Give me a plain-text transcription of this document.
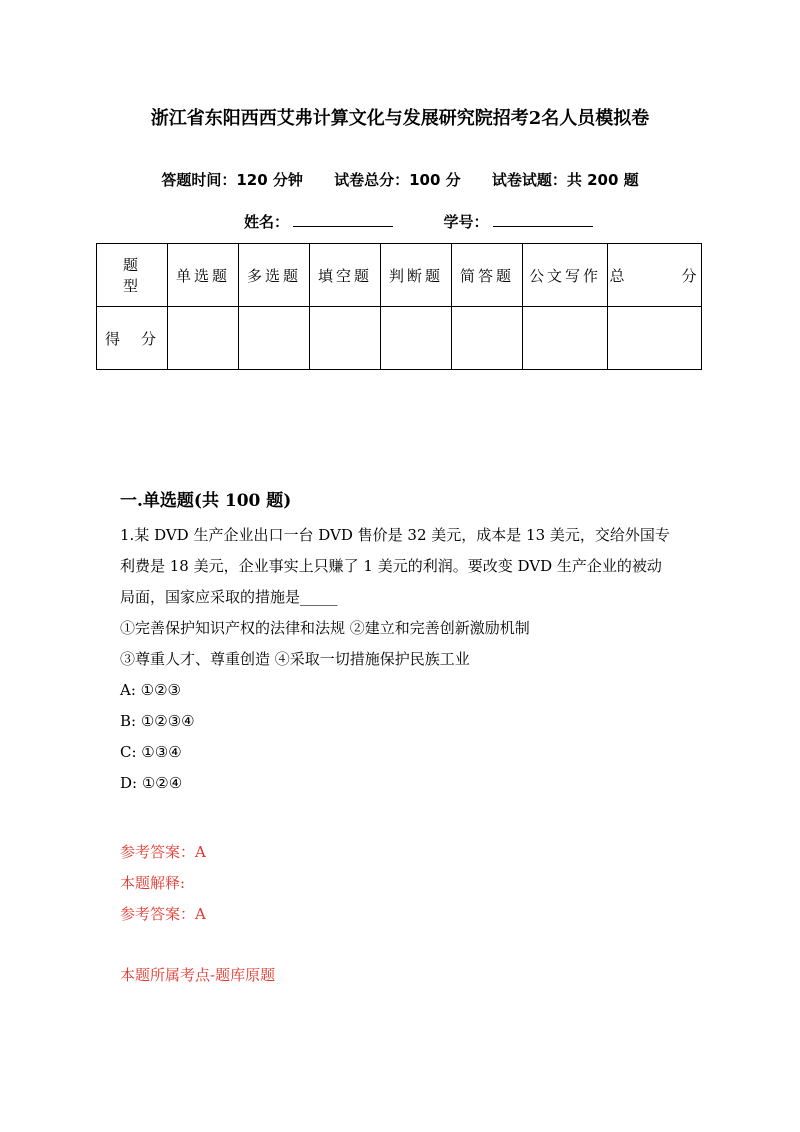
浙江省东阳西西艾弗计算文化与发展研究院招考2名人员模拟卷
答题时间：120 分钟 试卷总分：100 分 试卷试题：共 200 题
姓名：	学号：
题　　型	单选题	多选题	填空题	判断题	简答题	公文写作	总　　　分
得　分							
一.单选题(共 100 题)
1.某 DVD 生产企业出口一台 DVD 售价是 32 美元，成本是 13 美元，交给外国专
利费是 18 美元，企业事实上只赚了 1 美元的利润。要改变 DVD 生产企业的被动
局面，国家应采取的措施是_____
①完善保护知识产权的法律和法规 ②建立和完善创新激励机制
③尊重人才、尊重创造 ④采取一切措施保护民族工业
A: ①②③
B: ①②③④
C: ①③④
D: ①②④
参考答案：A
本题解释:
参考答案：A
本题所属考点-题库原题
